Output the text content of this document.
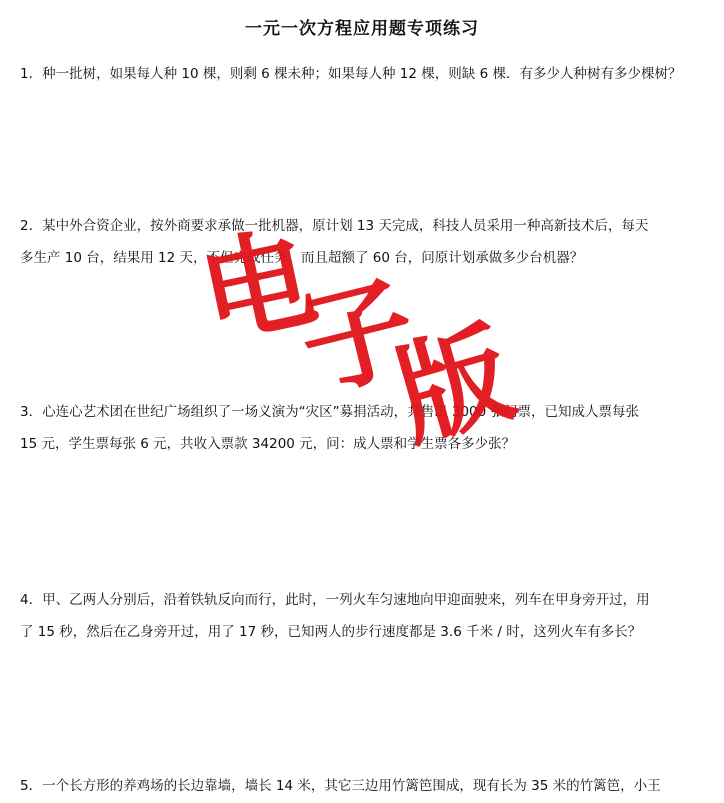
一元一次方程应用题专项练习
1．种一批树，如果每人种 10 棵，则剩 6 棵未种；如果每人种 12 棵，则缺 6 棵．有多少人种树有多少棵树？
2．某中外合资企业，按外商要求承做一批机器，原计划 13 天完成，科技人员采用一种高新技术后，每天
多生产 10 台，结果用 12 天，不但完成任务，而且超额了 60 台，问原计划承做多少台机器？
3．心连心艺术团在世纪广场组织了一场义演为“灾区”募捐活动，共售出 3000 张门票，已知成人票每张
15 元，学生票每张 6 元，共收入票款 34200 元，问：成人票和学生票各多少张？
4．甲、乙两人分别后，沿着铁轨反向而行，此时，一列火车匀速地向甲迎面驶来，列车在甲身旁开过，用
了 15 秒，然后在乙身旁开过，用了 17 秒，已知两人的步行速度都是 3.6 千米 / 时，这列火车有多长？
5．一个长方形的养鸡场的长边靠墙，墙长 14 米，其它三边用竹篱笆围成，现有长为 35 米的竹篱笆，小王
电
子
版
